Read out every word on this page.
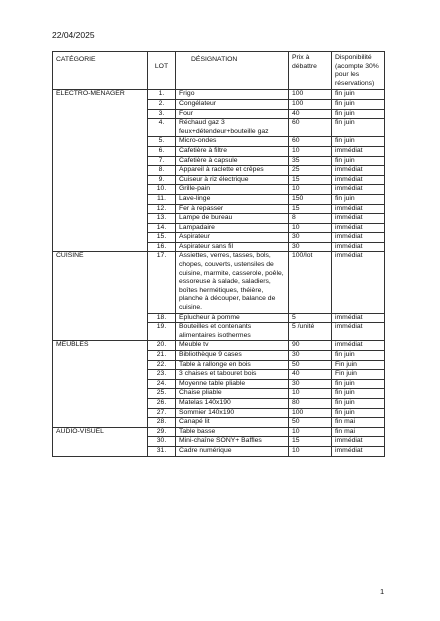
22/04/2025
CATÉGORIE	LOT	DÉSIGNATION	Prix à débattre	Disponibilité (acompte 30% pour les réservations)
ELECTRO-MENAGER	1.	Frigo	100	fin juin
	2.	Congélateur	100	fin juin
	3.	Four	40	fin juin
	4.	Réchaud gaz 3 feux+détendeur+bouteille gaz	60	fin juin
	5.	Micro-ondes	60	fin juin
	6.	Cafetière à filtre	10	immédiat
	7.	Cafetière à capsule	35	fin juin
	8.	Appareil à raclette et crêpes	25	immédiat
	9.	Cuiseur à riz électrique	15	immédiat
	10.	Grille-pain	10	immédiat
	11.	Lave-linge	150	fin juin
	12.	Fer à repasser	15	immédiat
	13.	Lampe de bureau	8	immédiat
	14.	Lampadaire	10	immédiat
	15.	Aspirateur	30	immédiat
	16.	Aspirateur sans fil	30	immédiat
CUISINE	17.	Assiettes, verres, tasses, bols, chopes, couverts, ustensiles de cuisine, marmite, casserole, poêle, essoreuse à salade, saladiers, boîtes hermétiques, théière, planche à découper, balance de cuisine.	100/lot	immédiat
	18.	Éplucheur à pomme	5	immédiat
	19.	Bouteilles et contenants alimentaires isothermes	5 /unité	immédiat
MEUBLES	20.	Meuble tv	90	immédiat
	21.	Bibliothèque 9 cases	30	fin juin
	22.	Table à rallonge en bois	50	Fin juin
	23.	3 chaises et tabouret bois	40	Fin juin
	24.	Moyenne table pliable	30	fin juin
	25.	Chaise pliable	10	fin juin
	26.	Matelas 140x190	80	fin juin
	27.	Sommier 140x190	100	fin juin
	28.	Canapé lit	50	fin mai
AUDIO-VISUEL	29.	Table basse	10	fin mai
	30.	Mini-chaîne SONY+ Baffles	15	immédiat
	31.	Cadre numérique	10	immédiat
1
